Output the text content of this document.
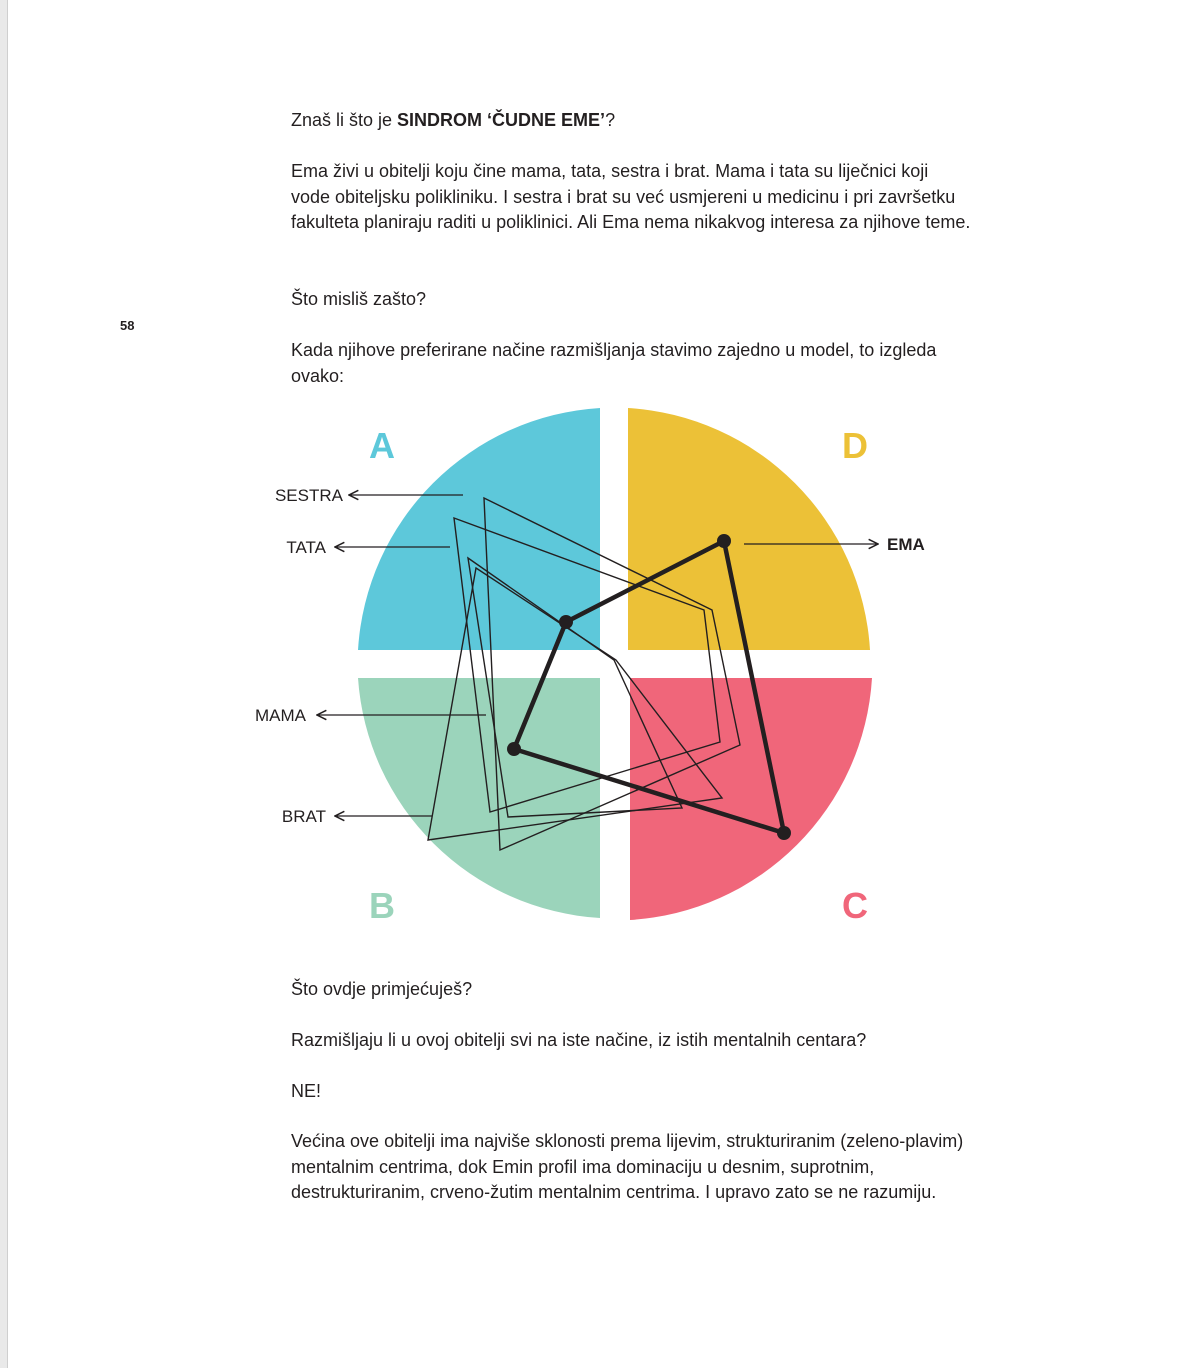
58

Znaš li što je SINDROM ‘ČUDNE EME’?

Ema živi u obitelji koju čine mama, tata, sestra i brat. Mama i tata su liječnici koji vode obiteljsku polikliniku. I sestra i brat su već usmjereni u medicinu i pri završetku fakulteta planiraju raditi u poliklinici. Ali Ema nema nikakvog interesa za njihove teme.

Što misliš zašto?

Kada njihove preferirane načine razmišljanja stavimo zajedno u model, to izgleda ovako:

A	D
B	C
SESTRA
TATA
MAMA
BRAT
EMA

Što ovdje primjećuješ?

Razmišljaju li u ovoj obitelji svi na iste načine, iz istih mentalnih centara?

NE!

Većina ove obitelji ima najviše sklonosti prema lijevim, strukturiranim (zeleno-plavim) mentalnim centrima, dok Emin profil ima dominaciju u desnim, suprotnim, destrukturiranim, crveno-žutim mentalnim centrima. I upravo zato se ne razumiju.
